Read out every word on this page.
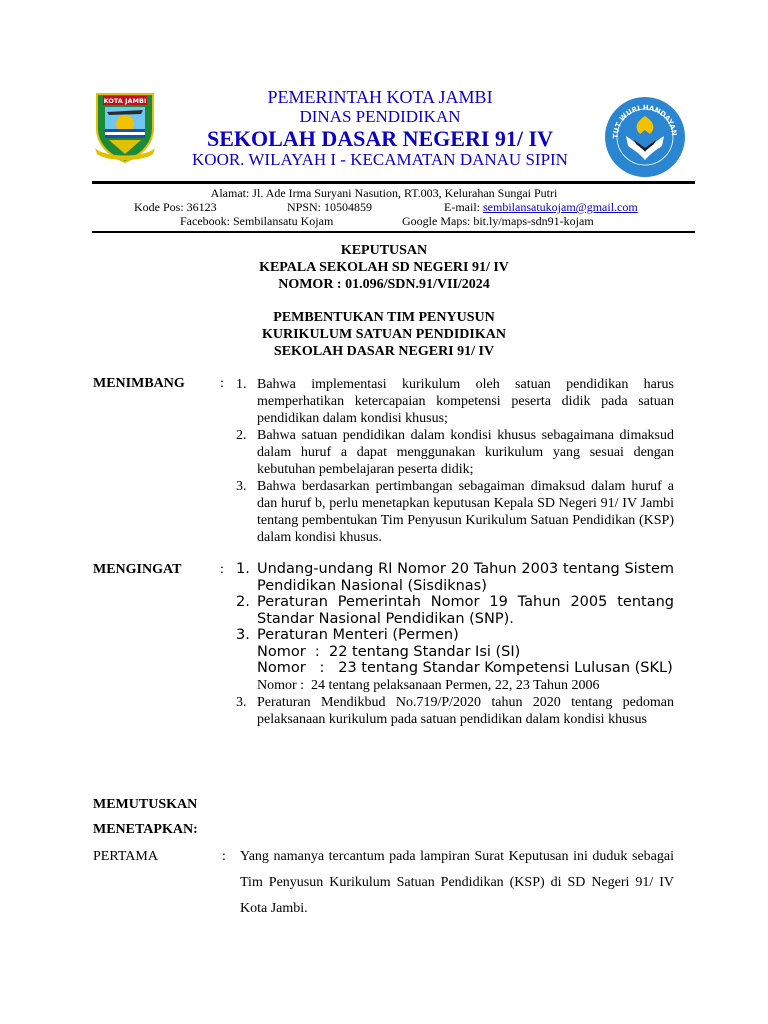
KOTA JAMBI
TUT WURI HANDAYAN
PEMERINTAH KOTA JAMBI
DINAS PENDIDIKAN
SEKOLAH DASAR NEGERI 91/ IV
KOOR. WILAYAH I - KECAMATAN DANAU SIPIN
Alamat: Jl. Ade Irma Suryani Nasution, RT.003, Kelurahan Sungai Putri
Kode Pos: 36123	NPSN: 10504859	E-mail: sembilansatukojam@gmail.com
Facebook: Sembilansatu Kojam	Google Maps: bit.ly/maps-sdn91-kojam
KEPUTUSAN
KEPALA SEKOLAH SD NEGERI 91/ IV
NOMOR : 01.096/SDN.91/VII/2024
PEMBENTUKAN TIM PENYUSUN
KURIKULUM SATUAN PENDIDIKAN
SEKOLAH DASAR NEGERI 91/ IV
MENIMBANG	: 1. Bahwa implementasi kurikulum oleh satuan pendidikan harus memperhatikan ketercapaian kompetensi peserta didik pada satuan pendidikan dalam kondisi khusus;
2. Bahwa satuan pendidikan dalam kondisi khusus sebagaimana dimaksud dalam huruf a dapat menggunakan kurikulum yang sesuai dengan kebutuhan pembelajaran peserta didik;
3. Bahwa berdasarkan pertimbangan sebagaiman dimaksud dalam huruf a dan huruf b, perlu menetapkan keputusan Kepala SD Negeri 91/ IV Jambi tentang pembentukan Tim Penyusun Kurikulum Satuan Pendidikan (KSP) dalam kondisi khusus.
MENGINGAT	: 1. Undang-undang RI Nomor 20 Tahun 2003 tentang Sistem Pendidikan Nasional (Sisdiknas)
2. Peraturan Pemerintah Nomor 19 Tahun 2005 tentang Standar Nasional Pendidikan (SNP).
3. Peraturan Menteri (Permen)
Nomor  :  22 tentang Standar Isi (SI)
Nomor   :   23 tentang Standar Kompetensi Lulusan (SKL)
Nomor :  24 tentang pelaksanaan Permen, 22, 23 Tahun 2006
3. Peraturan Mendikbud No.719/P/2020 tahun 2020 tentang pedoman pelaksanaan kurikulum pada satuan pendidikan dalam kondisi khusus
MEMUTUSKAN
MENETAPKAN:
PERTAMA	: Yang namanya tercantum pada lampiran Surat Keputusan ini duduk sebagai Tim Penyusun Kurikulum Satuan Pendidikan (KSP) di SD Negeri 91/ IV Kota Jambi.
